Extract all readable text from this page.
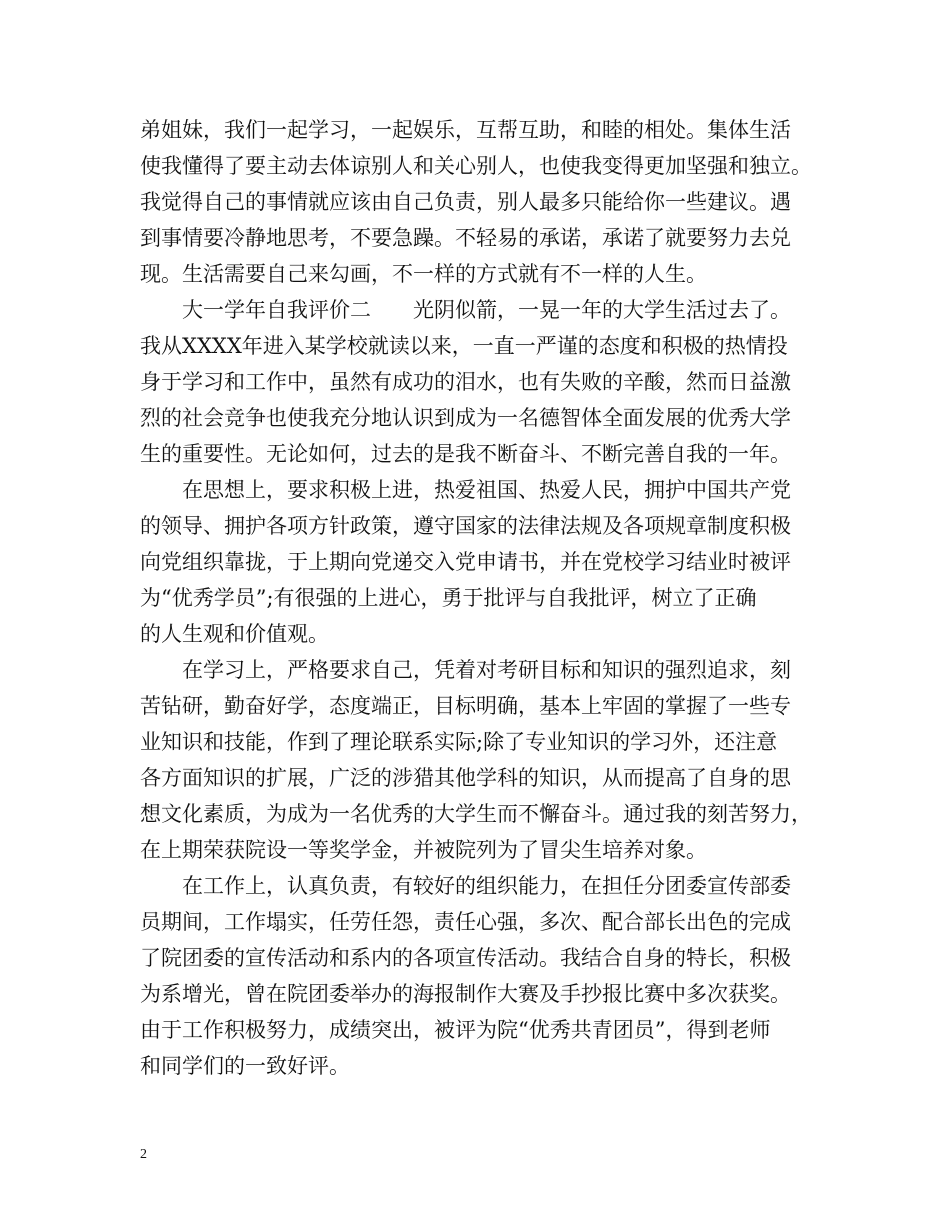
弟姐妹，我们一起学习，一起娱乐，互帮互助，和睦的相处。集体生活
使我懂得了要主动去体谅别人和关心别人，也使我变得更加坚强和独立。
我觉得自己的事情就应该由自己负责，别人最多只能给你一些建议。遇
到事情要冷静地思考，不要急躁。不轻易的承诺，承诺了就要努力去兑
现。生活需要自己来勾画，不一样的方式就有不一样的人生。
大一学年自我评价二　　光阴似箭，一晃一年的大学生活过去了。
我从XXXX年进入某学校就读以来，一直一严谨的态度和积极的热情投
身于学习和工作中，虽然有成功的泪水，也有失败的辛酸，然而日益激
烈的社会竞争也使我充分地认识到成为一名德智体全面发展的优秀大学
生的重要性。无论如何，过去的是我不断奋斗、不断完善自我的一年。
在思想上，要求积极上进，热爱祖国、热爱人民，拥护中国共产党
的领导、拥护各项方针政策，遵守国家的法律法规及各项规章制度积极
向党组织靠拢，于上期向党递交入党申请书，并在党校学习结业时被评
为“优秀学员”;有很强的上进心，勇于批评与自我批评，树立了正确
的人生观和价值观。
在学习上，严格要求自己，凭着对考研目标和知识的强烈追求，刻
苦钻研，勤奋好学，态度端正，目标明确，基本上牢固的掌握了一些专
业知识和技能，作到了理论联系实际;除了专业知识的学习外，还注意
各方面知识的扩展，广泛的涉猎其他学科的知识，从而提高了自身的思
想文化素质，为成为一名优秀的大学生而不懈奋斗。通过我的刻苦努力，
在上期荣获院设一等奖学金，并被院列为了冒尖生培养对象。
在工作上，认真负责，有较好的组织能力，在担任分团委宣传部委
员期间，工作塌实，任劳任怨，责任心强，多次、配合部长出色的完成
了院团委的宣传活动和系内的各项宣传活动。我结合自身的特长，积极
为系增光，曾在院团委举办的海报制作大赛及手抄报比赛中多次获奖。
由于工作积极努力，成绩突出，被评为院“优秀共青团员”，得到老师
和同学们的一致好评。
2
